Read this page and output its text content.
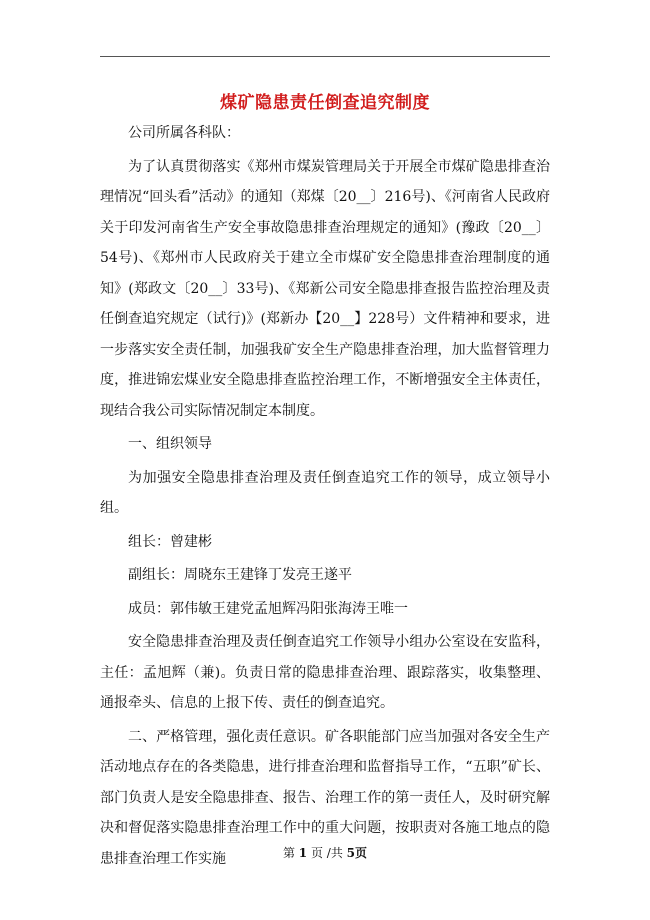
煤矿隐患责任倒查追究制度

公司所属各科队：

为了认真贯彻落实《郑州市煤炭管理局关于开展全市煤矿隐患排查治理情况“回头看”活动》的通知（郑煤〔20__〕216号)、《河南省人民政府关于印发河南省生产安全事故隐患排查治理规定的通知》(豫政〔20__〕54号)、《郑州市人民政府关于建立全市煤矿安全隐患排查治理制度的通知》(郑政文〔20__〕33号)、《郑新公司安全隐患排查报告监控治理及责任倒查追究规定（试行)》(郑新办【20__】228号）文件精神和要求，进一步落实安全责任制，加强我矿安全生产隐患排查治理，加大监督管理力度，推进锦宏煤业安全隐患排查监控治理工作，不断增强安全主体责任，现结合我公司实际情况制定本制度。

一、组织领导

为加强安全隐患排查治理及责任倒查追究工作的领导，成立领导小组。

组长：曾建彬

副组长：周晓东王建锋丁发亮王遂平

成员：郭伟敏王建党孟旭辉冯阳张海涛王唯一

安全隐患排查治理及责任倒查追究工作领导小组办公室设在安监科，主任：孟旭辉（兼)。负责日常的隐患排查治理、跟踪落实，收集整理、通报牵头、信息的上报下传、责任的倒查追究。

二、严格管理，强化责任意识。矿各职能部门应当加强对各安全生产活动地点存在的各类隐患，进行排查治理和监督指导工作，“五职”矿长、部门负责人是安全隐患排查、报告、治理工作的第一责任人，及时研究解决和督促落实隐患排查治理工作中的重大问题，按职责对各施工地点的隐患排查治理工作实施	第 1 页 /共 5页
